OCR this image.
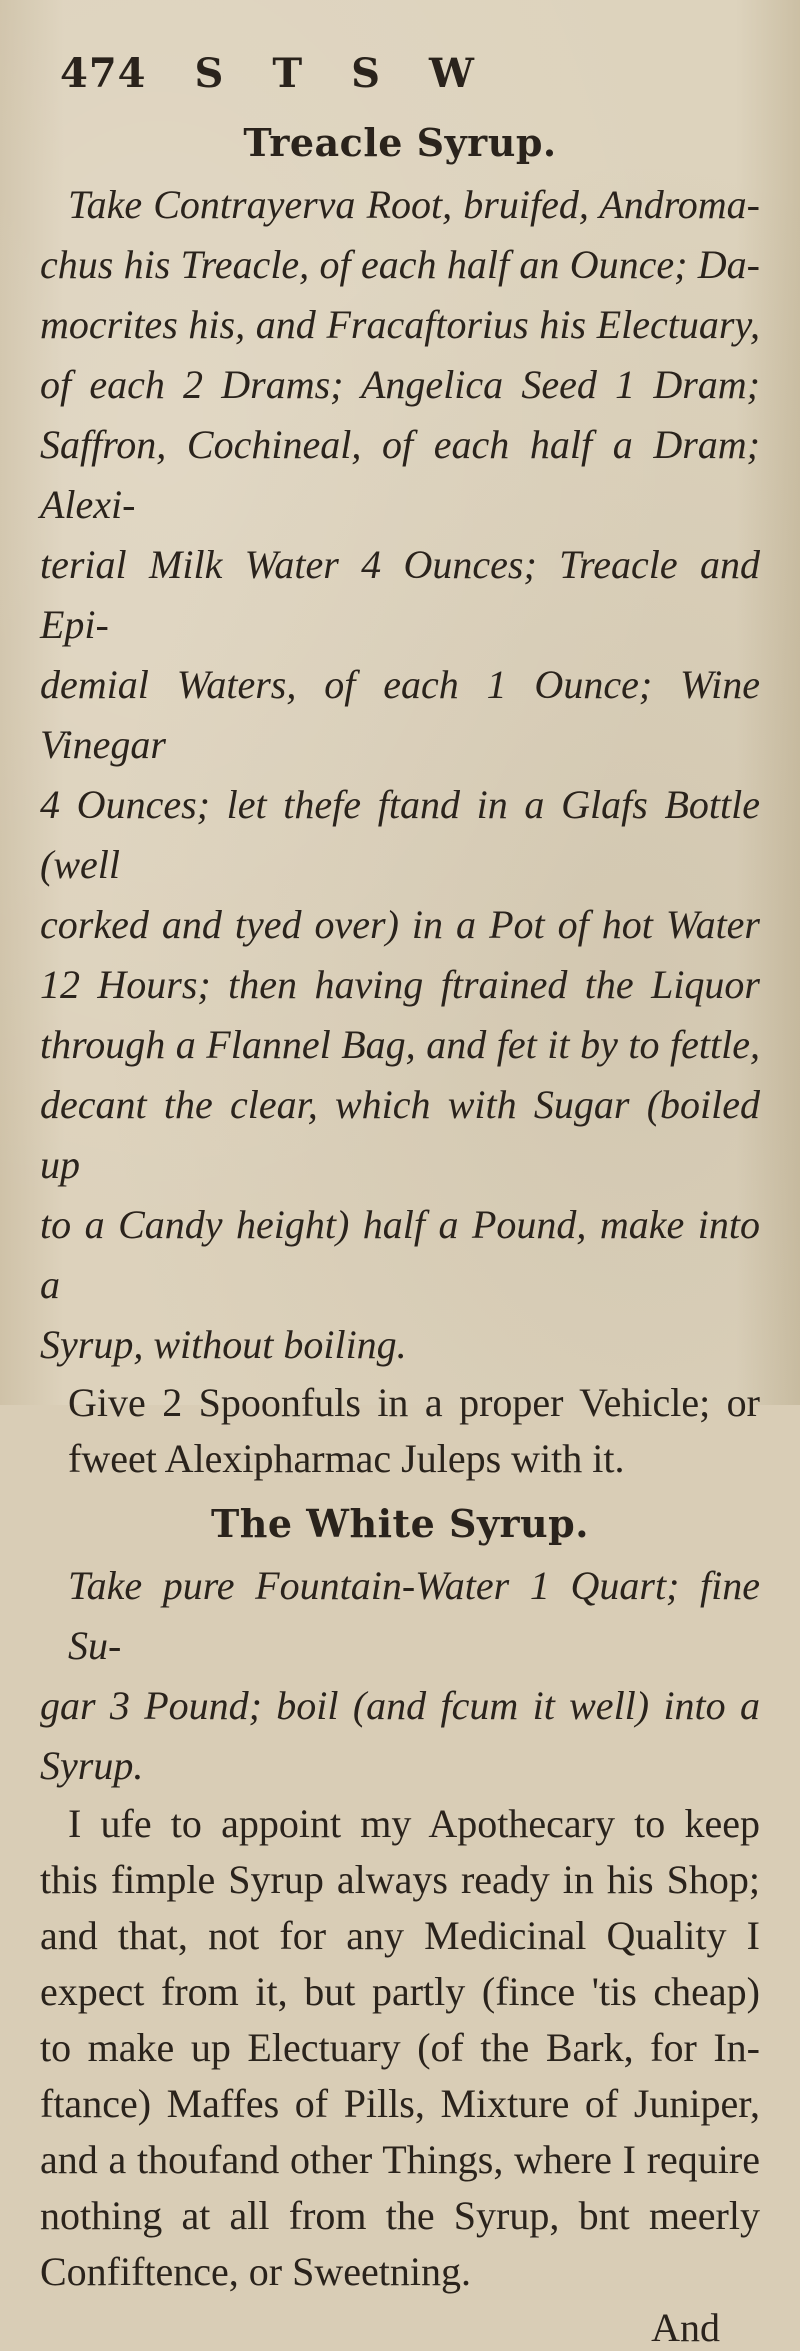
474 S T S W
Treacle Syrup.
Take Contrayerva Root, bruifed, Androma-
chus his Treacle, of each half an Ounce; Da-
mocrites his, and Fracaftorius his Electuary,
of each 2 Drams; Angelica Seed 1 Dram;
Saffron, Cochineal, of each half a Dram; Alexi-
terial Milk Water 4 Ounces; Treacle and Epi-
demial Waters, of each 1 Ounce; Wine Vinegar
4 Ounces; let thefe ftand in a Glafs Bottle (well
corked and tyed over) in a Pot of hot Water
12 Hours; then having ftrained the Liquor
through a Flannel Bag, and fet it by to fettle,
decant the clear, which with Sugar (boiled up
to a Candy height) half a Pound, make into a
Syrup, without boiling.
Give 2 Spoonfuls in a proper Vehicle; or
fweet Alexipharmac Juleps with it.
The White Syrup.
Take pure Fountain-Water 1 Quart; fine Su-
gar 3 Pound; boil (and fcum it well) into a
Syrup.
I ufe to appoint my Apothecary to keep
this fimple Syrup always ready in his Shop;
and that, not for any Medicinal Quality I
expect from it, but partly (fince 'tis cheap)
to make up Electuary (of the Bark, for In-
ftance) Maffes of Pills, Mixture of Juniper,
and a thoufand other Things, where I require
nothing at all from the Syrup, bnt meerly
Confiftence, or Sweetning.
And
